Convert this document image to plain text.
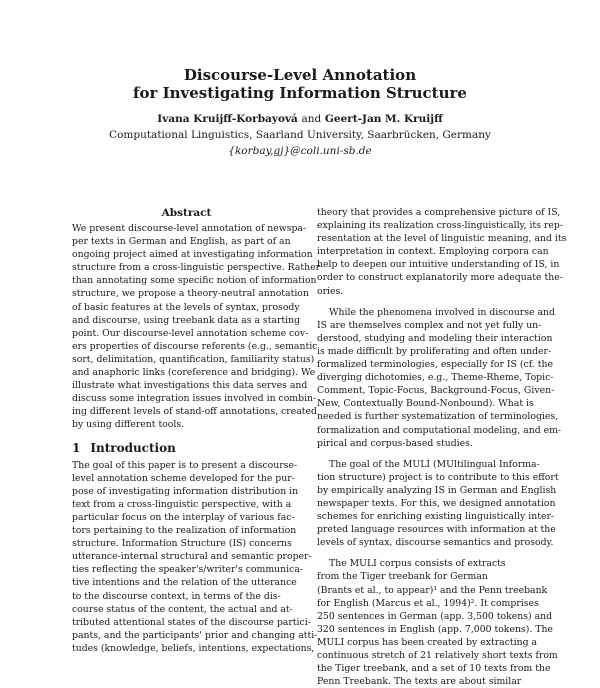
Discourse-Level Annotation
for Investigating Information Structure
Ivana Kruijff-Korbayová and Geert-Jan M. Kruijff
Computational Linguistics, Saarland University, Saarbrücken, Germany
{korbay,gj}@coli.uni-sb.de
Abstract
We present discourse-level annotation of newspa-
per texts in German and English, as part of an
ongoing project aimed at investigating information
structure from a cross-linguistic perspective. Rather
than annotating some specific notion of information
structure, we propose a theory-neutral annotation
of basic features at the levels of syntax, prosody
and discourse, using treebank data as a starting
point. Our discourse-level annotation scheme cov-
ers properties of discourse referents (e.g., semantic
sort, delimitation, quantification, familiarity status)
and anaphoric links (coreference and bridging). We
illustrate what investigations this data serves and
discuss some integration issues involved in combin-
ing different levels of stand-off annotations, created
by using different tools.
1 Introduction
The goal of this paper is to present a discourse-
level annotation scheme developed for the pur-
pose of investigating information distribution in
text from a cross-linguistic perspective, with a
particular focus on the interplay of various fac-
tors pertaining to the realization of information
structure. Information Structure (IS) concerns
utterance-internal structural and semantic proper-
ties reflecting the speaker's/writer's communica-
tive intentions and the relation of the utterance
to the discourse context, in terms of the dis-
course status of the content, the actual and at-
tributed attentional states of the discourse partici-
pants, and the participants' prior and changing atti-
tudes (knowledge, beliefs, intentions, expectations,
theory that provides a comprehensive picture of IS,
explaining its realization cross-linguistically, its rep-
resentation at the level of linguistic meaning, and its
interpretation in context. Employing corpora can
help to deepen our intuitive understanding of IS, in
order to construct explanatorily more adequate the-
ories.
While the phenomena involved in discourse and
IS are themselves complex and not yet fully un-
derstood, studying and modeling their interaction
is made difficult by proliferating and often under-
formalized terminologies, especially for IS (cf. the
diverging dichotomies, e.g., Theme-Rheme, Topic-
Comment, Topic-Focus, Background-Focus, Given-
New, Contextually Bound-Nonbound). What is
needed is further systematization of terminologies,
formalization and computational modeling, and em-
pirical and corpus-based studies.
The goal of the MULI (MUltilingual Informa-
tion structure) project is to contribute to this effort
by empirically analyzing IS in German and English
newspaper texts. For this, we designed annotation
schemes for enriching existing linguistically inter-
preted language resources with information at the
levels of syntax, discourse semantics and prosody.
The MULI corpus consists of extracts
from the Tiger treebank for German
(Brants et al., to appear)¹ and the Penn treebank
for English (Marcus et al., 1994)². It comprises
250 sentences in German (app. 3,500 tokens) and
320 sentences in English (app. 7,000 tokens). The
MULI corpus has been created by extracting a
continuous stretch of 21 relatively short texts from
the Tiger treebank, and a set of 10 texts from the
Penn Treebank. The texts are about similar
